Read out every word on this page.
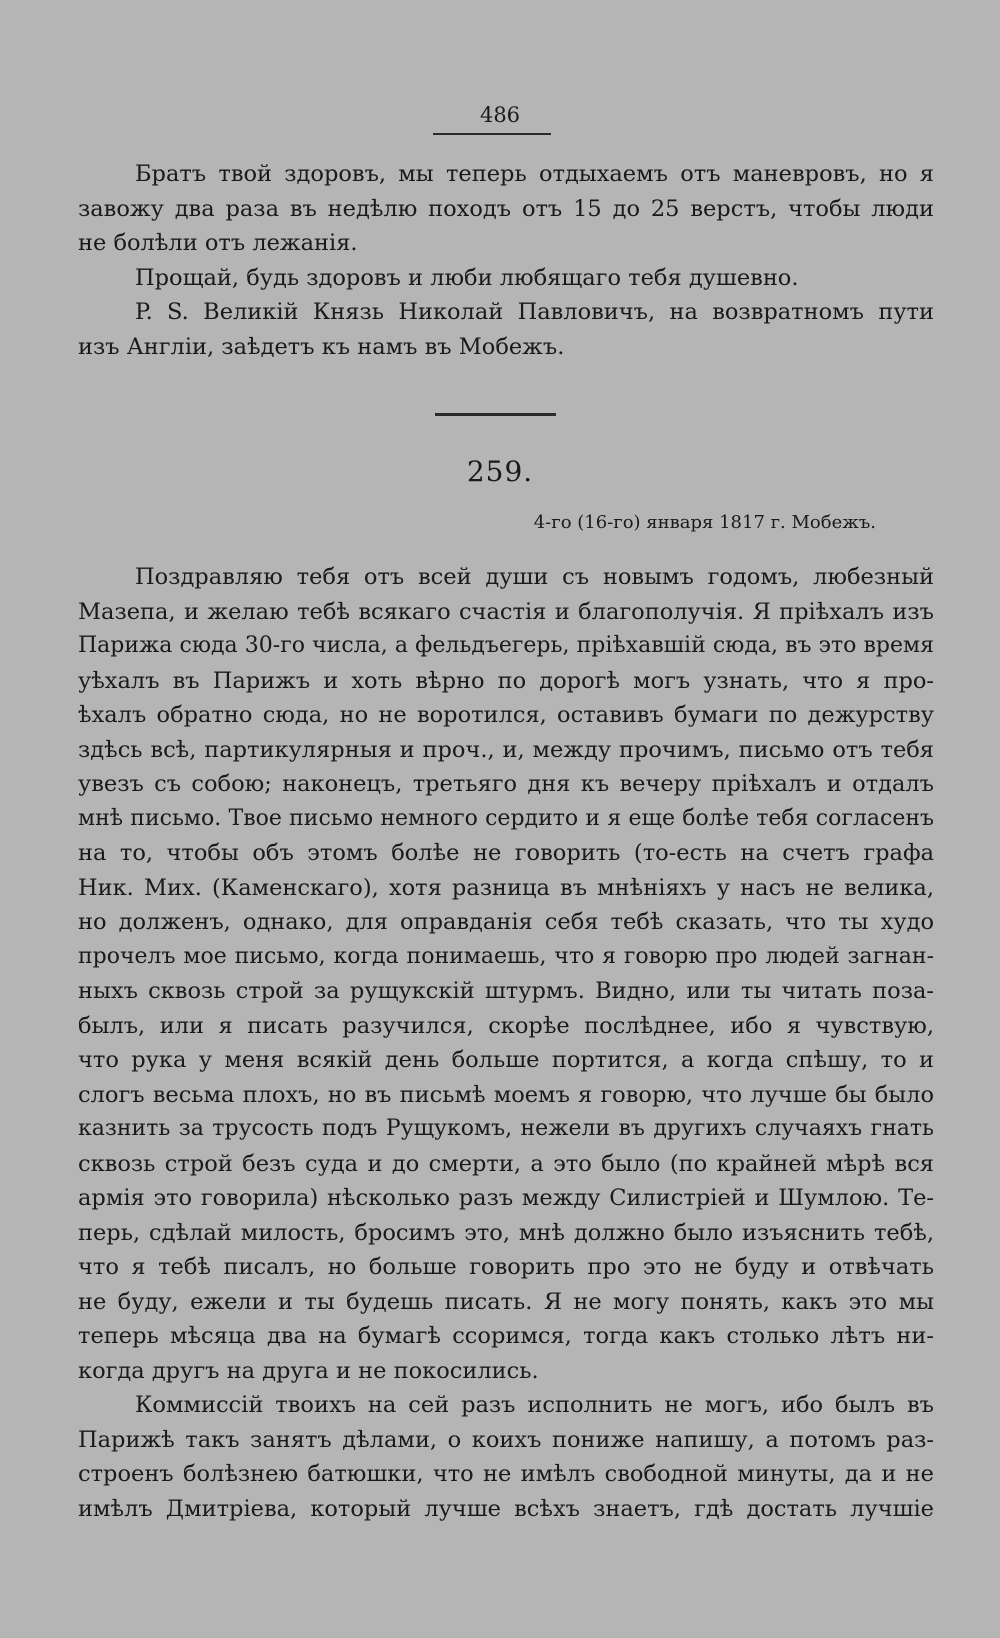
486
Братъ твой здоровъ, мы теперь отдыхаемъ отъ маневровъ, но я
завожу два раза въ недѣлю походъ отъ 15 до 25 верстъ, чтобы люди
не болѣли отъ лежанія.
Прощай, будь здоровъ и люби любящаго тебя душевно.
P. S. Великій Князь Николай Павловичъ, на возвратномъ пути
изъ Англіи, заѣдетъ къ намъ въ Мобежъ.
259.
4-го (16-го) января 1817 г. Мобежъ.
Поздравляю тебя отъ всей души съ новымъ годомъ, любезный
Мазепа, и желаю тебѣ всякаго счастія и благополучія. Я пріѣхалъ изъ
Парижа сюда 30-го числа, а фельдъегерь, пріѣхавшій сюда, въ это время
уѣхалъ въ Парижъ и хоть вѣрно по дорогѣ могъ узнать, что я про-
ѣхалъ обратно сюда, но не воротился, оставивъ бумаги по дежурству
здѣсь всѣ, партикулярныя и проч., и, между прочимъ, письмо отъ тебя
увезъ съ собою; наконецъ, третьяго дня къ вечеру пріѣхалъ и отдалъ
мнѣ письмо. Твое письмо немного сердито и я еще болѣе тебя согласенъ
на то, чтобы объ этомъ болѣе не говорить (то-есть на счетъ графа
Ник. Мих. (Каменскаго), хотя разница въ мнѣніяхъ у насъ не велика,
но долженъ, однако, для оправданія себя тебѣ сказать, что ты худо
прочелъ мое письмо, когда понимаешь, что я говорю про людей загнан-
ныхъ сквозь строй за рущукскій штурмъ. Видно, или ты читать поза-
былъ, или я писать разучился, скорѣе послѣднее, ибо я чувствую,
что рука у меня всякій день больше портится, а когда спѣшу, то и
слогъ весьма плохъ, но въ письмѣ моемъ я говорю, что лучше бы было
казнить за трусость подъ Рущукомъ, нежели въ другихъ случаяхъ гнать
сквозь строй безъ суда и до смерти, а это было (по крайней мѣрѣ вся
армія это говорила) нѣсколько разъ между Силистріей и Шумлою. Те-
перь, сдѣлай милость, бросимъ это, мнѣ должно было изъяснить тебѣ,
что я тебѣ писалъ, но больше говорить про это не буду и отвѣчать
не буду, ежели и ты будешь писать. Я не могу понять, какъ это мы
теперь мѣсяца два на бумагѣ ссоримся, тогда какъ столько лѣтъ ни-
когда другъ на друга и не покосились.
Коммиссій твоихъ на сей разъ исполнить не могъ, ибо былъ въ
Парижѣ такъ занятъ дѣлами, о коихъ пониже напишу, а потомъ раз-
строенъ болѣзнею батюшки, что не имѣлъ свободной минуты, да и не
имѣлъ Дмитріева, который лучше всѣхъ знаетъ, гдѣ достать лучшіе
